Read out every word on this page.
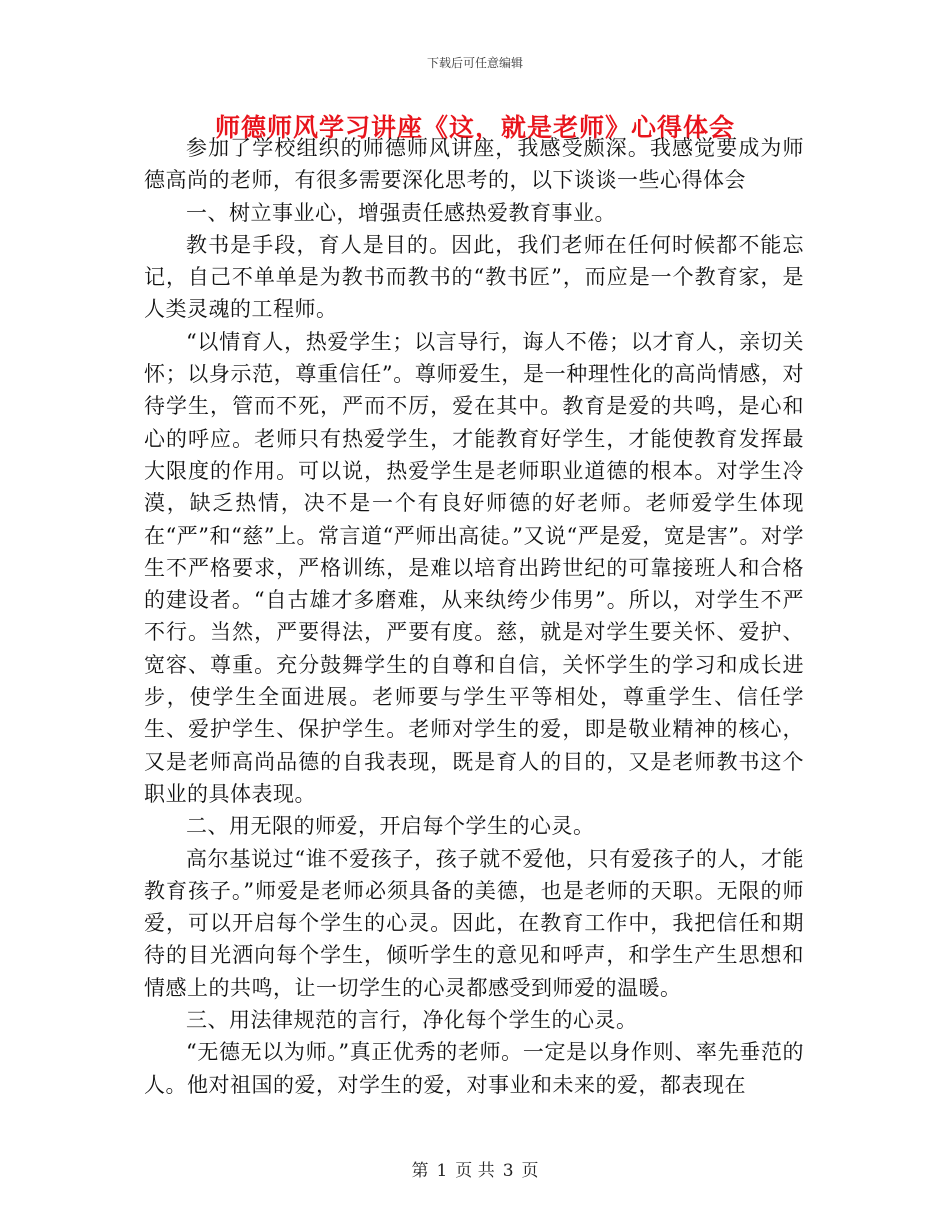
下载后可任意编辑
师德师风学习讲座《这，就是老师》心得体会

参加了学校组织的师德师风讲座，我感受颇深。我感觉要成为师德高尚的老师，有很多需要深化思考的，以下谈谈一些心得体会

一、树立事业心，增强责任感热爱教育事业。

教书是手段，育人是目的。因此，我们老师在任何时候都不能忘记，自己不单单是为教书而教书的“教书匠”，而应是一个教育家，是人类灵魂的工程师。

“以情育人，热爱学生；以言导行，诲人不倦；以才育人，亲切关怀；以身示范，尊重信任”。尊师爱生，是一种理性化的高尚情感，对待学生，管而不死，严而不厉，爱在其中。教育是爱的共鸣，是心和心的呼应。老师只有热爱学生，才能教育好学生，才能使教育发挥最大限度的作用。可以说，热爱学生是老师职业道德的根本。对学生冷漠，缺乏热情，决不是一个有良好师德的好老师。老师爱学生体现在“严”和“慈”上。常言道“严师出高徒。”又说“严是爱，宽是害”。对学生不严格要求，严格训练，是难以培育出跨世纪的可靠接班人和合格的建设者。“自古雄才多磨难，从来纨绔少伟男”。所以，对学生不严不行。当然，严要得法，严要有度。慈，就是对学生要关怀、爱护、宽容、尊重。充分鼓舞学生的自尊和自信，关怀学生的学习和成长进步，使学生全面进展。老师要与学生平等相处，尊重学生、信任学生、爱护学生、保护学生。老师对学生的爱，即是敬业精神的核心，又是老师高尚品德的自我表现，既是育人的目的，又是老师教书这个职业的具体表现。

二、用无限的师爱，开启每个学生的心灵。

高尔基说过“谁不爱孩子，孩子就不爱他，只有爱孩子的人，才能教育孩子。”师爱是老师必须具备的美德，也是老师的天职。无限的师爱，可以开启每个学生的心灵。因此，在教育工作中，我把信任和期待的目光洒向每个学生，倾听学生的意见和呼声，和学生产生思想和情感上的共鸣，让一切学生的心灵都感受到师爱的温暖。

三、用法律规范的言行，净化每个学生的心灵。

“无德无以为师。”真正优秀的老师。一定是以身作则、率先垂范的人。他对祖国的爱，对学生的爱，对事业和未来的爱，都表现在

第 1 页 共 3 页
